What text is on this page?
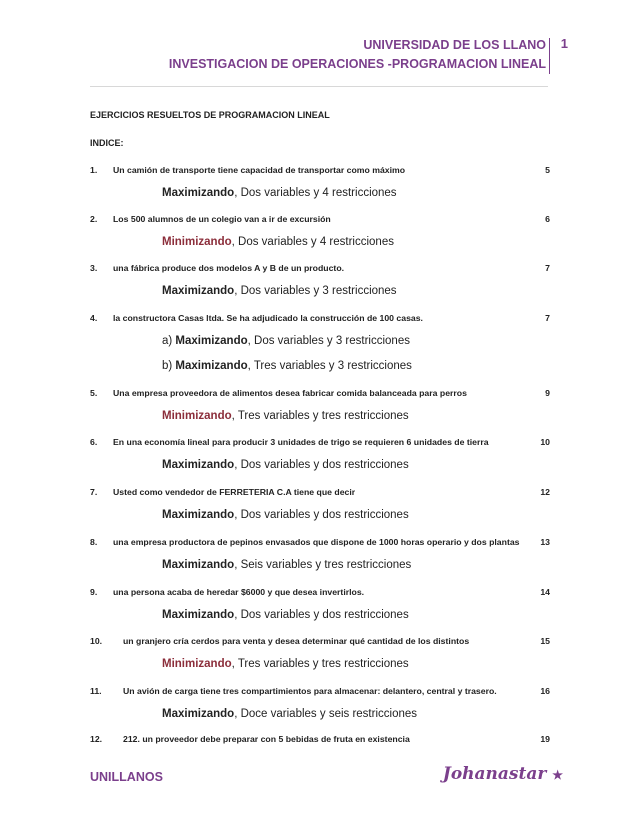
UNIVERSIDAD DE LOS LLANO
INVESTIGACION DE OPERACIONES -PROGRAMACION LINEAL
1
EJERCICIOS RESUELTOS DE PROGRAMACION LINEAL
INDICE:
1. Un camión de transporte tiene capacidad de transportar como máximo	5
Maximizando, Dos variables y 4 restricciones
2. Los 500 alumnos de un colegio van a ir de excursión	6
Minimizando, Dos variables y 4 restricciones
3. una fábrica produce dos modelos A y B de un producto.	7
Maximizando, Dos variables y 3 restricciones
4. la constructora Casas ltda. Se ha adjudicado la construcción de 100 casas.	7
a) Maximizando, Dos variables y 3 restricciones
b) Maximizando, Tres variables y 3 restricciones
5. Una empresa proveedora de alimentos desea fabricar comida balanceada para perros	9
Minimizando, Tres variables y tres restricciones
6. En una economía lineal para producir 3 unidades de trigo se requieren 6 unidades de tierra	10
Maximizando, Dos variables y dos restricciones
7. Usted como vendedor de FERRETERIA C.A tiene que decir	12
Maximizando, Dos variables y dos restricciones
8. una empresa productora de pepinos envasados que dispone de 1000 horas operario y dos plantas 13
Maximizando, Seis variables y tres restricciones
9. una persona acaba de heredar $6000 y que desea invertirlos.	14
Maximizando, Dos variables y dos restricciones
10. un granjero cría cerdos para venta y desea determinar qué cantidad de los distintos	15
Minimizando, Tres variables y tres restricciones
11. Un avión de carga tiene tres compartimientos para almacenar: delantero, central y trasero.	16
Maximizando, Doce variables y seis restricciones
12. 212. un proveedor debe preparar con 5 bebidas de fruta en existencia	19
UNILLANOS	Johanastar ★
